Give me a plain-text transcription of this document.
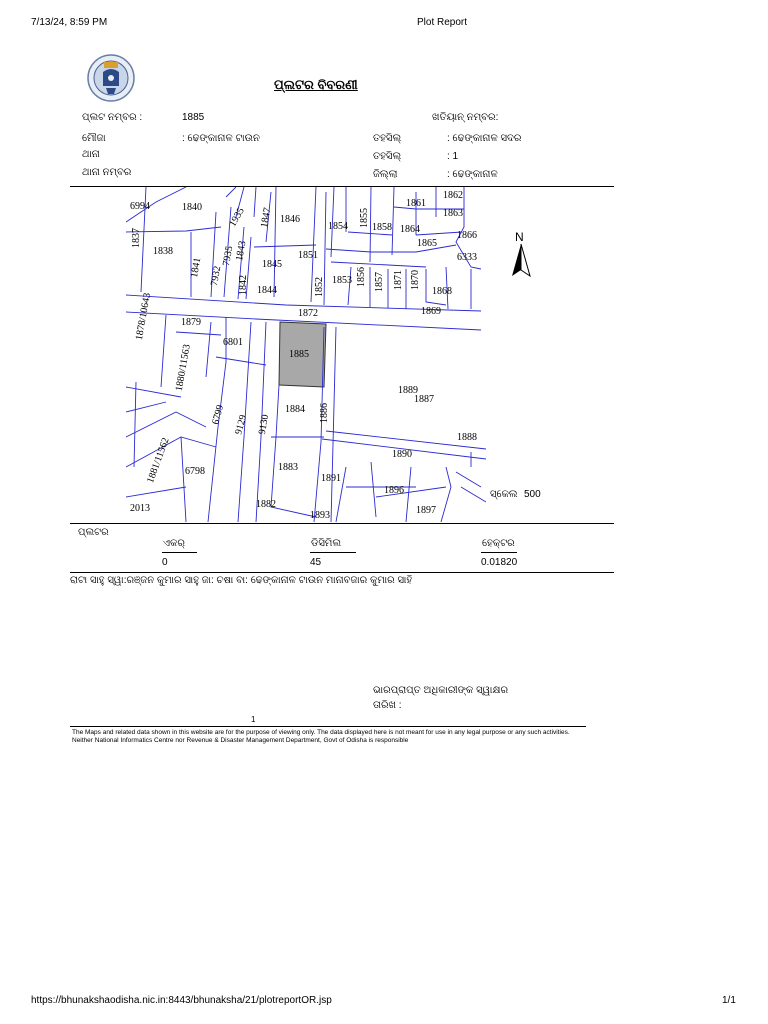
7/13/24, 8:59 PM	Plot Report
ପ୍ଲଟର ବିବରଣୀ
ପ୍ଲଟ ନମ୍ବର :	1885	ଖତିୟାନ୍ ନମ୍ବର:
ମୌଜା	: ଢେଙ୍କାନାଳ ଟାଉନ	ତହସିଲ୍	: ଢେଙ୍କାନାଳ ସଦର
ଥାନା	ତହସିଲ୍	: 1
ଥାନା ନମ୍ବର	ଜିଲ୍ଲା	: ଢେଙ୍କାନାଳ
6994	1840
1846
1854 1855 1858
1861
1862
1863
1864
1865
1866
6333
1837
1838
1841
1843
1845
1851
1853 1856 1857 1871 1870
1868
1869
1844	1852
1872
1879
6801
1878/10643
1880/11563	1889
1887
1884 1886
6799 9129 9130
1888
1890
1883
1891
1896
1881/11562 6798
1882
1893	1897
2013
1847
1935
7932
7935
1842
1885
N
ସ୍କେଲ 500
ପ୍ଲଟର
ଏକର୍
0
ଡିସିମିଲ
45
ହେକ୍ଟର
0.01820
ରାଟା ସାହୁ ସ୍ୱା:ରଞ୍ଜନ କୁମାର ସାହୁ ଜା: ଚଷା ବା: ଢେଙ୍କାନାଳ ଟାଉନ ମାନାବଜାର କୁମାର ସାହି
ଭାରପ୍ରାପ୍ତ ଅଧିକାରୀଙ୍କ ସ୍ୱାକ୍ଷର
ତାରିଖ :
1
The Maps and related data shown in this website are for the purpose of viewing only. The data displayed here is not meant for use in any legal purpose or any such activities. Neither National Informatics Centre nor Revenue & Disaster Management Department, Govt of Odisha is responsible
https://bhunakshaodisha.nic.in:8443/bhunaksha/21/plotreportOR.jsp	1/1
